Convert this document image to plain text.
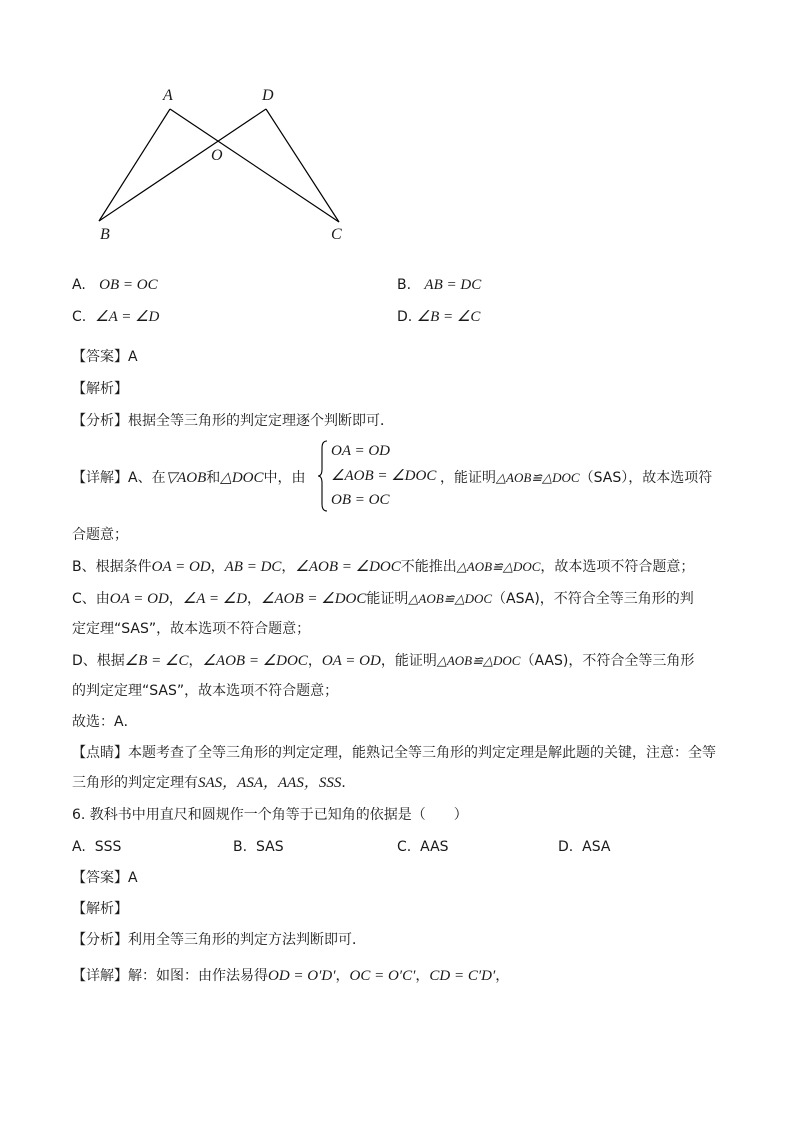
A	D
O
B	C
A. OB = OC	B. AB = DC
C. ∠A = ∠D	D. ∠B = ∠C
【答案】A
【解析】
【分析】根据全等三角形的判定定理逐个判断即可．
【详解】A、在▽AOB和△DOC中，由
OA = OD
∠AOB = ∠DOC
OB = OC
，能证明△AOB≌△DOC（SAS），故本选项符
合题意；
B、根据条件OA = OD，AB = DC，∠AOB = ∠DOC不能推出△AOB≌△DOC，故本选项不符合题意；
C、由OA = OD，∠A = ∠D，∠AOB = ∠DOC能证明△AOB≌△DOC（ASA)，不符合全等三角形的判
定定理“SAS”，故本选项不符合题意；
D、根据∠B = ∠C，∠AOB = ∠DOC，OA = OD，能证明△AOB≌△DOC（AAS)，不符合全等三角形
的判定定理“SAS”，故本选项不符合题意；
故选：A．
【点睛】本题考查了全等三角形的判定定理，能熟记全等三角形的判定定理是解此题的关键，注意：全等
三角形的判定定理有SAS，ASA，AAS，SSS．
6. 教科书中用直尺和圆规作一个角等于已知角的依据是（　　）
A. SSS	B. SAS	C. AAS	D. ASA
【答案】A
【解析】
【分析】利用全等三角形的判定方法判断即可．
【详解】解：如图：由作法易得OD = O′D′，OC = O′C′，CD = C′D′，
